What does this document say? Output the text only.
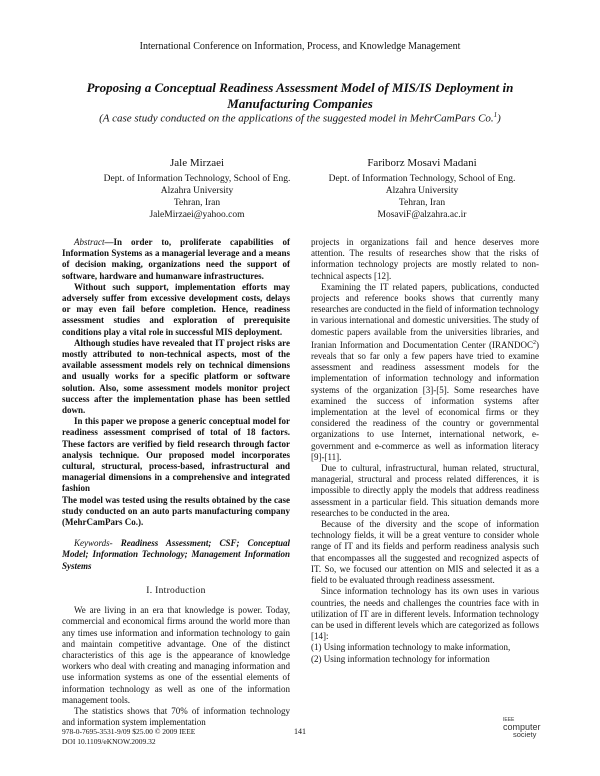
International Conference on Information, Process, and Knowledge Management
Proposing a Conceptual Readiness Assessment Model of MIS/IS Deployment in
Manufacturing Companies
(A case study conducted on the applications of the suggested model in MehrCamPars Co.$^1$)
Jale Mirzaei
Dept. of Information Technology, School of Eng.
Alzahra University
Tehran, Iran
JaleMirzaei@yahoo.com
Fariborz Mosavi Madani
Dept. of Information Technology, School of Eng.
Alzahra University
Tehran, Iran
MosaviF@alzahra.ac.ir

Abstract—In order to, proliferate capabilities of Information Systems as a managerial leverage and a means of decision making, organizations need the support of software, hardware and humanware infrastructures.

Without such support, implementation efforts may adversely suffer from excessive development costs, delays or may even fail before completion. Hence, readiness assessment studies and exploration of prerequisite conditions play a vital role in successful MIS deployment.

Although studies have revealed that IT project risks are mostly attributed to non-technical aspects, most of the available assessment models rely on technical dimensions and usually works for a specific platform or software solution. Also, some assessment models monitor project success after the implementation phase has been settled down.

In this paper we propose a generic conceptual model for readiness assessment comprised of total of 18 factors. These factors are verified by field research through factor analysis technique. Our proposed model incorporates cultural, structural, process-based, infrastructural and managerial dimensions in a comprehensive and integrated fashion

The model was tested using the results obtained by the case study conducted on an auto parts manufacturing company (MehrCamPars Co.).

Keywords- Readiness Assessment; CSF; Conceptual Model; Information Technology; Management Information Systems

I. Introduction

We are living in an era that knowledge is power. Today, commercial and economical firms around the world more than any times use information and information technology to gain and maintain competitive advantage. One of the distinct characteristics of this age is the appearance of knowledge workers who deal with creating and managing information and use information systems as one of the essential elements of information technology as well as one of the information management tools.

The statistics shows that 70% of information technology and information system implementation

projects in organizations fail and hence deserves more attention. The results of researches show that the risks of information technology projects are mostly related to non-technical aspects [12].

Examining the IT related papers, publications, conducted projects and reference books shows that currently many researches are conducted in the field of information technology in various international and domestic universities. The study of domestic papers available from the universities libraries, and Iranian Information and Documentation Center (IRANDOC$^2$) reveals that so far only a few papers have tried to examine assessment and readiness assessment models for the implementation of information technology and information systems of the organization [3]-[5]. Some researches have examined the success of information systems after implementation at the level of economical firms or they considered the readiness of the country or governmental organizations to use Internet, international network, e-government and e-commerce as well as information literacy [9]-[11].

Due to cultural, infrastructural, human related, structural, managerial, structural and process related differences, it is impossible to directly apply the models that address readiness assessment in a particular field. This situation demands more researches to be conducted in the area.

Because of the diversity and the scope of information technology fields, it will be a great venture to consider whole range of IT and its fields and perform readiness analysis such that encompasses all the suggested and recognized aspects of IT. So, we focused our attention on MIS and selected it as a field to be evaluated through readiness assessment.

Since information technology has its own uses in various countries, the needs and challenges the countries face with in utilization of IT are in different levels. Information technology can be used in different levels which are categorized as follows [14]:

(1) Using information technology to make information,

(2) Using information technology for information

978-0-7695-3531-9/09 $25.00 © 2009 IEEE
DOI 10.1109/eKNOW.2009.32
141
IEEE
computer
society
